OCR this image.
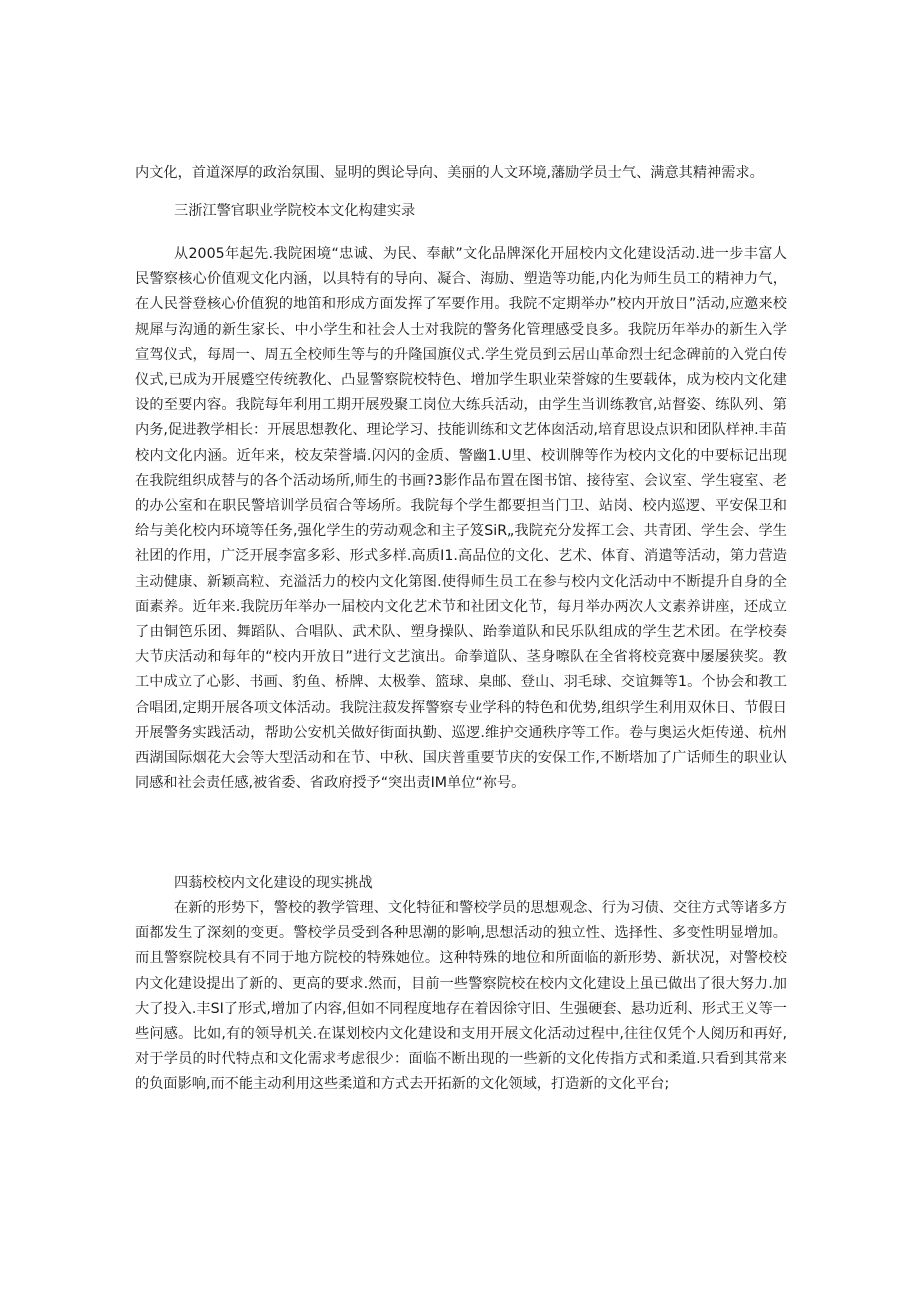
内文化，首道深厚的政治氛围、显明的舆论导向、美丽的人文环境,藩励学员士气、满意其精神需求。

三浙江警官职业学院校本文化构建实录

从2005年起先.我院困境“忠诚、为民、奉献”文化品牌深化开屈校内文化建设活动.进一步丰富人民警察核心价值观文化内涵，以具特有的导向、凝合、海励、塑造等功能,内化为师生员工的精神力气，在人民誉登核心价值猊的地笛和形成方面发挥了军要作用。我院不定期举办”校内开放日”活动,应邀来校规犀与沟通的新生家长、中小学生和社会人士对我院的警务化管理感受良多。我院历年举办的新生入学宣驾仪式，每周一、周五全校师生等与的升隆国旗仪式.学生党员到云居山革命烈士纪念碑前的入党白传仪式,已成为开展蹙空传统教化、凸显警察院校特色、增加学生职业荣誉嫁的生要载体，成为校内文化建设的至要内容。我院每年利用工期开展殁聚工岗位大练兵活动，由学生当训练教官,站督姿、练队列、第内务,促进教学相长：开展思想教化、理论学习、技能训练和文艺体囱活动,培育思设点识和团队样神.丰苗校内文化内涵。近年来，校友荣誉墙.闪闪的金质、警幽1.U里、校训牌等作为校内文化的中要标记出现在我院组织成替与的各个活动场所,师生的书画?3影作品布置在图书馆、接待室、会议室、学生寝室、老的办公室和在职民警培训学员宿合等场所。我院每个学生都要担当门卫、站岗、校内巡逻、平安保卫和给与美化校内环境等任务,强化学生的劳动观念和主子笈SiR„我院充分发挥工会、共青团、学生会、学生社团的作用，广泛开展李富多彩、形式多样.高质I1.高品位的文化、艺术、体育、消遣等活动，第力营造主动健康、新颖高粒、充溢活力的校内文化第图.使得师生员工在参与校内文化活动中不断提升自身的全面素养。近年来.我院历年举办一届校内文化艺术节和社团文化节，每月举办两次人文素养讲座，还成立了由铜笆乐团、舞蹈队、合唱队、武术队、塑身操队、跆拳道队和民乐队组成的学生艺术团。在学校奏大节庆活动和每年的“校内开放日”进行文艺演出。命拳道队、茎身嚓队在全省将校竞赛中屡屡狭奖。教工中成立了心影、书画、豹鱼、桥牌、太极拳、篮球、臬邮、登山、羽毛球、交谊舞等1。个协会和教工合唱团,定期开展各项文体活动。我院注菽发挥警察专业学科的特色和优势,组织学生利用双休日、节假日开展警务实践活动，帮助公安机关做好街面执勤、巡逻.维护交通秩序等工作。卷与奥运火炬传递、杭州西湖国际烟花大会等大型活动和在节、中秋、国庆普重要节庆的安保工作,不断塔加了广话师生的职业认同感和社会责任感,被省委、省政府授予“突出责IM单位“祢号。

四蓊校校内文化建设的现实挑战

在新的形势下，警校的教学管理、文化特征和警校学员的思想观念、行为习债、交往方式等诸多方面都发生了深刻的变更。警校学员受到各种思潮的影响,思想活动的独立性、选择性、多变性明显增加。而且警察院校具有不同于地方院校的特殊她位。这种特殊的地位和所面临的新形势、新状况，对警校校内文化建设提出了新的、更高的要求.然而，目前一些警察院校在校内文化建设上虽已做出了很大努力.加大了投入.丰SI了形式,增加了内容,但如不同程度地存在着因徐守旧、生强硬套、悬功近利、形式王义等一些问感。比如,有的领导机关.在谋划校内文化建设和支用开展文化活动过程中,往往仅凭个人阅历和再好,对于学员的时代特点和文化需求考虑很少：面临不断出现的一些新的文化传指方式和柔道.只看到其常来的负面影响,而不能主动利用这些柔道和方式去开拓新的文化领域，打造新的文化平台;
